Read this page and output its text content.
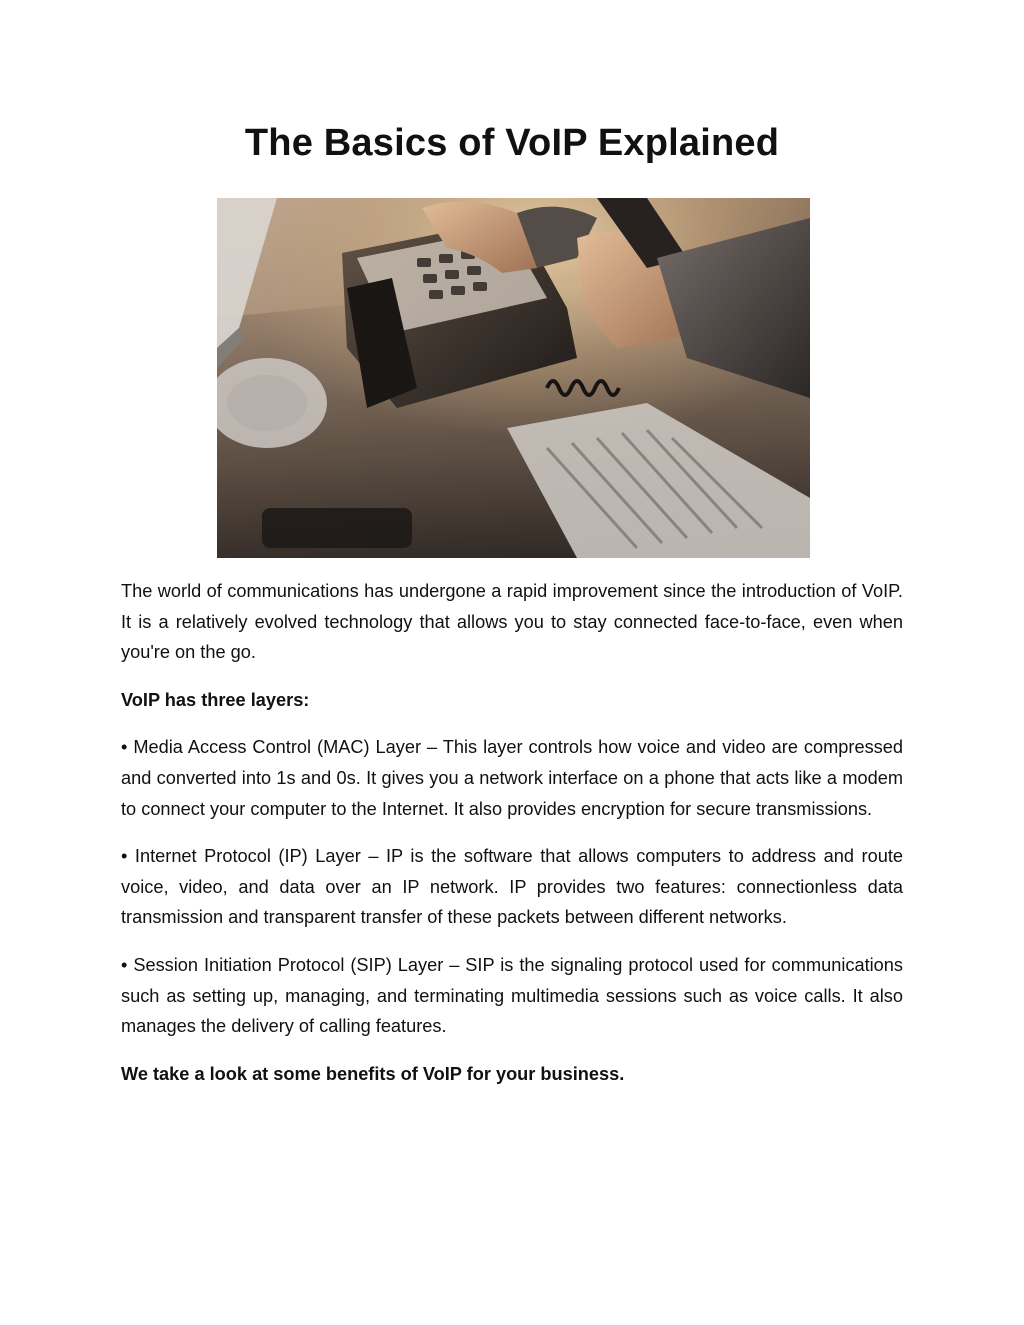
The Basics of VoIP Explained

The world of communications has undergone a rapid improvement since the introduction of VoIP. It is a relatively evolved technology that allows you to stay connected face-to-face, even when you're on the go.

VoIP has three layers:

• Media Access Control (MAC) Layer – This layer controls how voice and video are compressed and converted into 1s and 0s. It gives you a network interface on a phone that acts like a modem to connect your computer to the Internet. It also provides encryption for secure transmissions.

• Internet Protocol (IP) Layer – IP is the software that allows computers to address and route voice, video, and data over an IP network. IP provides two features: connectionless data transmission and transparent transfer of these packets between different networks.

• Session Initiation Protocol (SIP) Layer – SIP is the signaling protocol used for communications such as setting up, managing, and terminating multimedia sessions such as voice calls. It also manages the delivery of calling features.

We take a look at some benefits of VoIP for your business.
